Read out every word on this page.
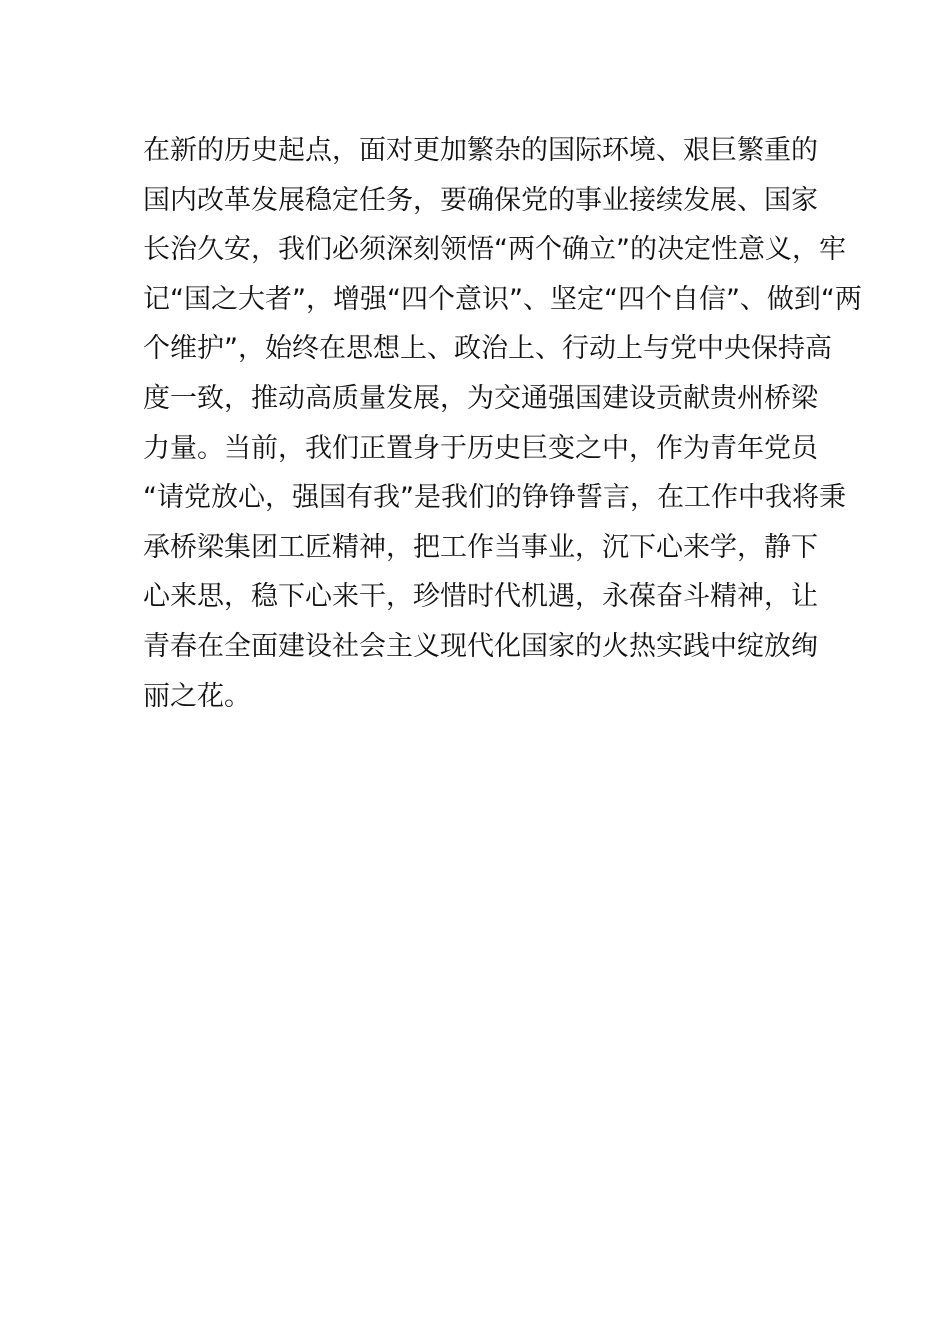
在新的历史起点，面对更加繁杂的国际环境、艰巨繁重的
国内改革发展稳定任务，要确保党的事业接续发展、国家
长治久安，我们必须深刻领悟“两个确立”的决定性意义，牢
记“国之大者”，增强“四个意识”、坚定“四个自信”、做到“两
个维护”，始终在思想上、政治上、行动上与党中央保持高
度一致，推动高质量发展，为交通强国建设贡献贵州桥梁
力量。当前，我们正置身于历史巨变之中，作为青年党员
“请党放心，强国有我”是我们的铮铮誓言，在工作中我将秉
承桥梁集团工匠精神，把工作当事业，沉下心来学，静下
心来思，稳下心来干，珍惜时代机遇，永葆奋斗精神，让
青春在全面建设社会主义现代化国家的火热实践中绽放绚
丽之花。
